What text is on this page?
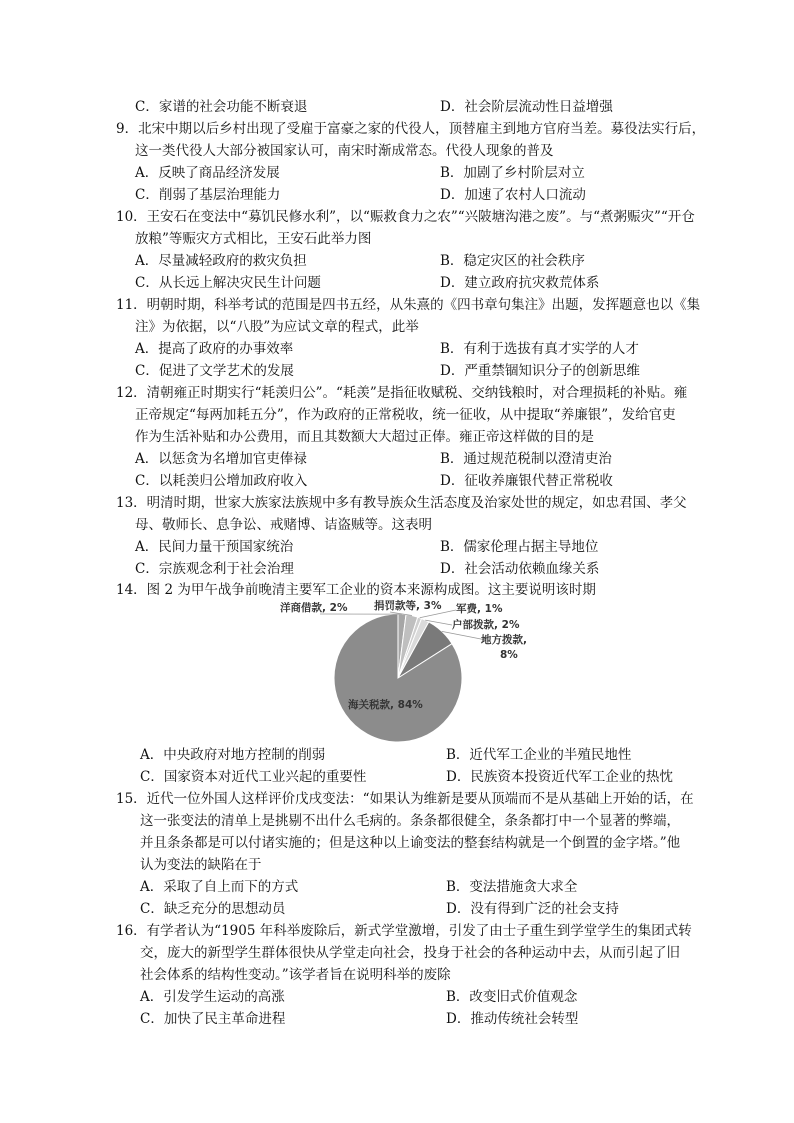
C．家谱的社会功能不断衰退	D．社会阶层流动性日益增强
9．北宋中期以后乡村出现了受雇于富豪之家的代役人，顶替雇主到地方官府当差。募役法实行后，
这一类代役人大部分被国家认可，南宋时渐成常态。代役人现象的普及
A．反映了商品经济发展	B．加剧了乡村阶层对立
C．削弱了基层治理能力	D．加速了农村人口流动
10．王安石在变法中“募饥民修水利”，以“赈救食力之农”“兴陂塘沟港之废”。与“煮粥赈灾”“开仓
放粮”等赈灾方式相比，王安石此举力图
A．尽量减轻政府的救灾负担	B．稳定灾区的社会秩序
C．从长远上解决灾民生计问题	D．建立政府抗灾救荒体系
11．明朝时期，科举考试的范围是四书五经，从朱熹的《四书章句集注》出题，发挥题意也以《集
注》为依据，以“八股”为应试文章的程式，此举
A．提高了政府的办事效率	B．有利于选拔有真才实学的人才
C．促进了文学艺术的发展	D．严重禁锢知识分子的创新思维
12．清朝雍正时期实行“耗羡归公”。“耗羡”是指征收赋税、交纳钱粮时，对合理损耗的补贴。雍
正帝规定“每两加耗五分”，作为政府的正常税收，统一征收，从中提取“养廉银”，发给官吏
作为生活补贴和办公费用，而且其数额大大超过正俸。雍正帝这样做的目的是
A．以惩贪为名增加官吏俸禄	B．通过规范税制以澄清吏治
C．以耗羡归公增加政府收入	D．征收养廉银代替正常税收
13．明清时期，世家大族家法族规中多有教导族众生活态度及治家处世的规定，如忠君国、孝父
母、敬师长、息争讼、戒赌博、诘盗贼等。这表明
A．民间力量干预国家统治	B．儒家伦理占据主导地位
C．宗族观念利于社会治理	D．社会活动依赖血缘关系
14．图 2 为甲午战争前晚清主要军工企业的资本来源构成图。这主要说明该时期
海关税款, 84%
洋商借款, 2%	捐罚款等, 3% 军费, 1%
户部拨款, 2%
地方拨款,
8%
A．中央政府对地方控制的削弱	B．近代军工企业的半殖民地性
C．国家资本对近代工业兴起的重要性	D．民族资本投资近代军工企业的热忱
15．近代一位外国人这样评价戊戌变法：“如果认为维新是要从顶端而不是从基础上开始的话，在
这一张变法的清单上是挑剔不出什么毛病的。条条都很健全，条条都打中一个显著的弊端，
并且条条都是可以付诸实施的；但是这种以上谕变法的整套结构就是一个倒置的金字塔。”他
认为变法的缺陷在于
A．采取了自上而下的方式	B．变法措施贪大求全
C．缺乏充分的思想动员	D．没有得到广泛的社会支持
16．有学者认为“1905 年科举废除后，新式学堂激增，引发了由士子重生到学堂学生的集团式转
交，庞大的新型学生群体很快从学堂走向社会，投身于社会的各种运动中去，从而引起了旧
社会体系的结构性变动。”该学者旨在说明科举的废除
A．引发学生运动的高涨	B．改变旧式价值观念
C．加快了民主革命进程	D．推动传统社会转型
